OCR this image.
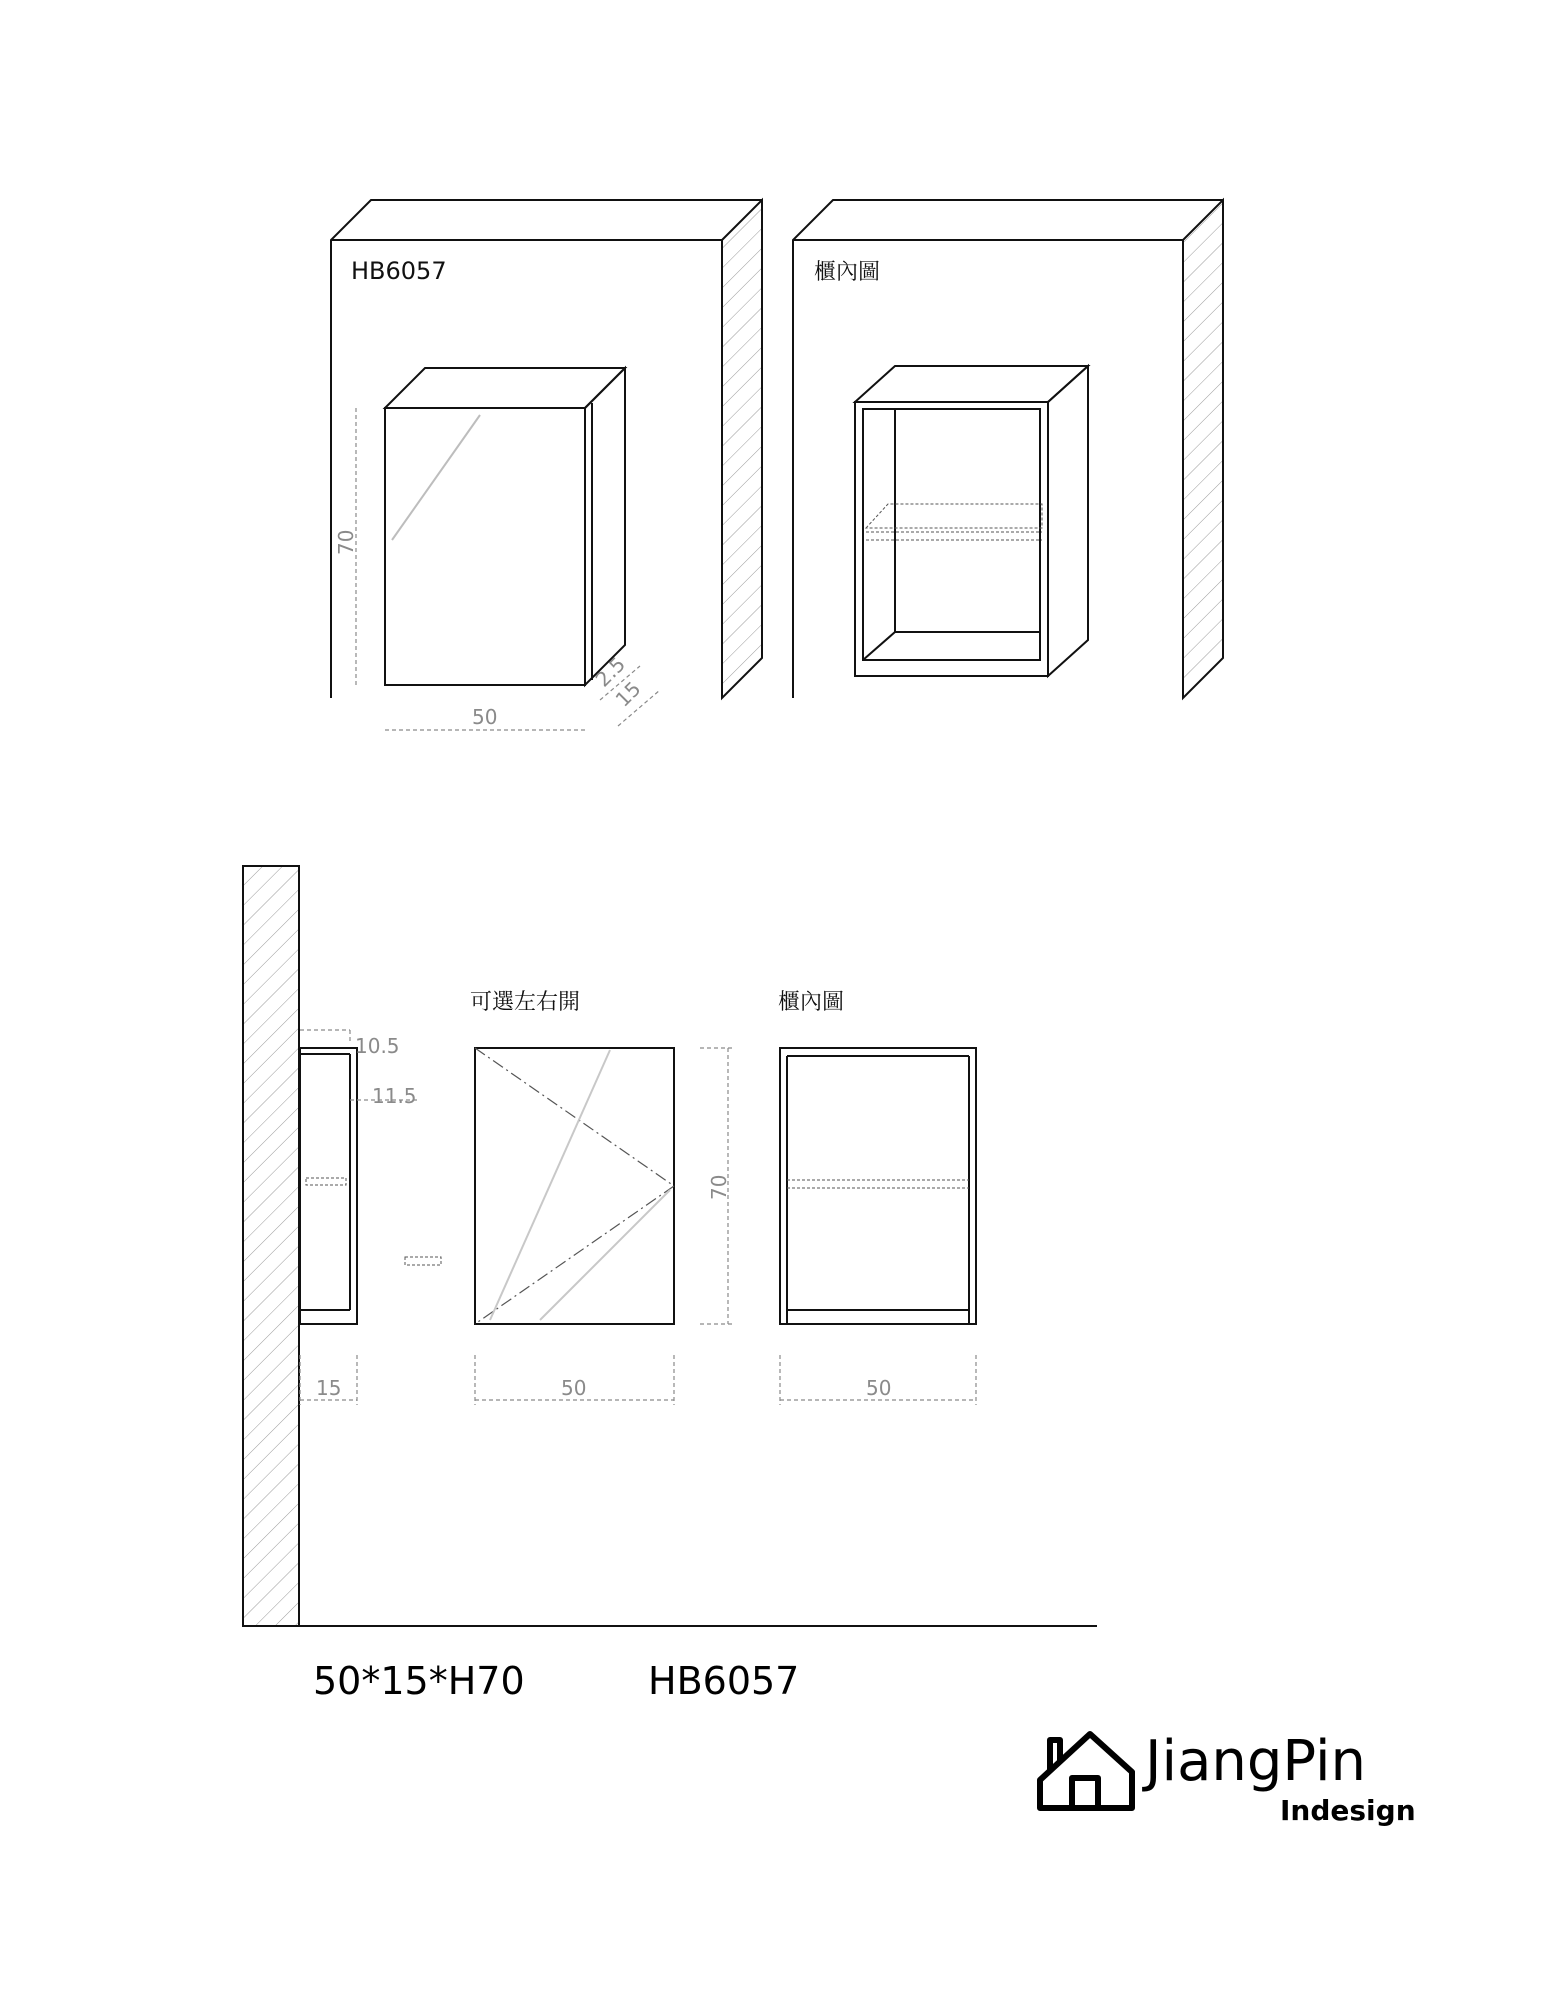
HB6057
70
50
2.5
15
櫃內圖
10.5
11.5
15
可選左右開
70
50
櫃內圖
50
50*15*H70	HB6057
JiangPin
Indesign
